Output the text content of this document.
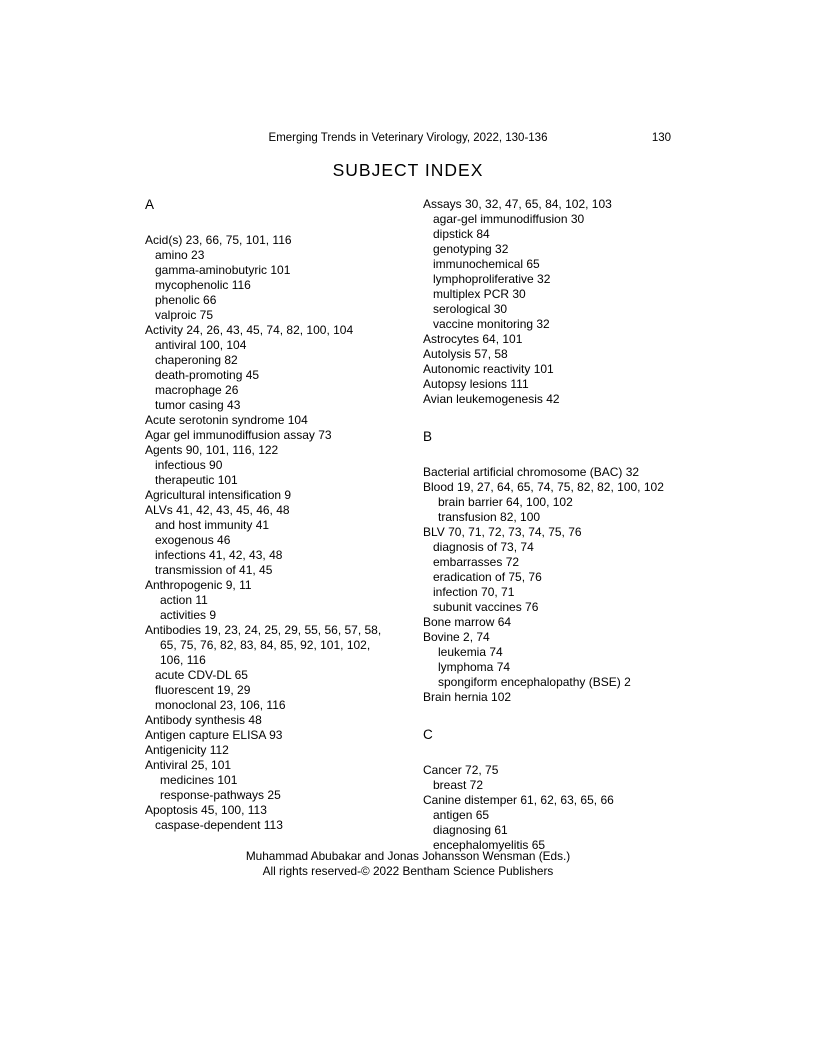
Emerging Trends in Veterinary Virology, 2022, 130-136	130
SUBJECT INDEX
A
Acid(s) 23, 66, 75, 101, 116
amino 23
gamma-aminobutyric 101
mycophenolic 116
phenolic 66
valproic 75
Activity 24, 26, 43, 45, 74, 82, 100, 104
antiviral 100, 104
chaperoning 82
death-promoting 45
macrophage 26
tumor casing 43
Acute serotonin syndrome 104
Agar gel immunodiffusion assay 73
Agents 90, 101, 116, 122
infectious 90
therapeutic 101
Agricultural intensification 9
ALVs 41, 42, 43, 45, 46, 48
and host immunity 41
exogenous 46
infections 41, 42, 43, 48
transmission of 41, 45
Anthropogenic 9, 11
action 11
activities 9
Antibodies 19, 23, 24, 25, 29, 55, 56, 57, 58,
65, 75, 76, 82, 83, 84, 85, 92, 101, 102,
106, 116
acute CDV-DL 65
fluorescent 19, 29
monoclonal 23, 106, 116
Antibody synthesis 48
Antigen capture ELISA 93
Antigenicity 112
Antiviral 25, 101
medicines 101
response-pathways 25
Apoptosis 45, 100, 113
caspase-dependent 113
Assays 30, 32, 47, 65, 84, 102, 103
agar-gel immunodiffusion 30
dipstick 84
genotyping 32
immunochemical 65
lymphoproliferative 32
multiplex PCR 30
serological 30
vaccine monitoring 32
Astrocytes 64, 101
Autolysis 57, 58
Autonomic reactivity 101
Autopsy lesions 111
Avian leukemogenesis 42
B
Bacterial artificial chromosome (BAC) 32
Blood 19, 27, 64, 65, 74, 75, 82, 82, 100, 102
brain barrier 64, 100, 102
transfusion 82, 100
BLV 70, 71, 72, 73, 74, 75, 76
diagnosis of 73, 74
embarrasses 72
eradication of 75, 76
infection 70, 71
subunit vaccines 76
Bone marrow 64
Bovine 2, 74
leukemia 74
lymphoma 74
spongiform encephalopathy (BSE) 2
Brain hernia 102
C
Cancer 72, 75
breast 72
Canine distemper 61, 62, 63, 65, 66
antigen 65
diagnosing 61
encephalomyelitis 65
Muhammad Abubakar and Jonas Johansson Wensman (Eds.)
All rights reserved-© 2022 Bentham Science Publishers
